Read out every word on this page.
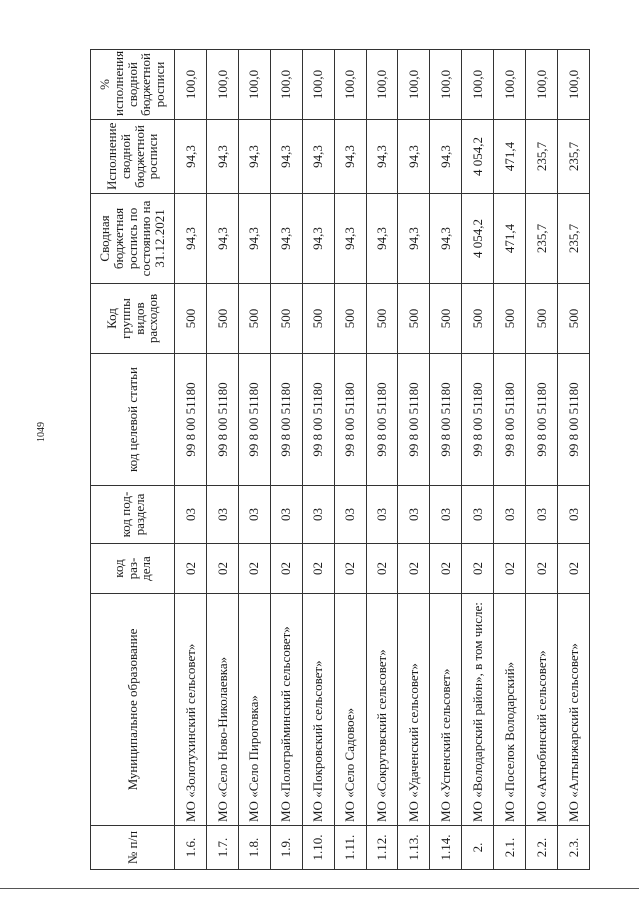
1049
№ п/п	Муниципальное образование	код раз-дела	код под-раздела	код целевой статьи	Код группы видов расходов	Сводная бюджетная роспись по состоянию на 31.12.2021	Исполнение сводной бюджетной росписи	% исполнения сводной бюджетной росписи
1.6.	МО «Золотухинский сельсовет»	02	03	99 8 00 51180	500	94,3	94,3	100,0
1.7.	МО «Село Ново-Николаевка»	02	03	99 8 00 51180	500	94,3	94,3	100,0
1.8.	МО «Село Пироговка»	02	03	99 8 00 51180	500	94,3	94,3	100,0
1.9.	МО «Полограйминский сельсовет»	02	03	99 8 00 51180	500	94,3	94,3	100,0
1.10.	МО «Покровский сельсовет»	02	03	99 8 00 51180	500	94,3	94,3	100,0
1.11.	МО «Село Садовое»	02	03	99 8 00 51180	500	94,3	94,3	100,0
1.12.	МО «Сокрутовский сельсовет»	02	03	99 8 00 51180	500	94,3	94,3	100,0
1.13.	МО «Удаченский сельсовет»	02	03	99 8 00 51180	500	94,3	94,3	100,0
1.14.	МО «Успенский сельсовет»	02	03	99 8 00 51180	500	94,3	94,3	100,0
2.	МО «Володарский район», в том числе:	02	03	99 8 00 51180	500	4 054,2	4 054,2	100,0
2.1.	МО «Поселок Володарский»	02	03	99 8 00 51180	500	471,4	471,4	100,0
2.2.	МО «Актюбинский сельсовет»	02	03	99 8 00 51180	500	235,7	235,7	100,0
2.3.	МО «Алтынжарский сельсовет»	02	03	99 8 00 51180	500	235,7	235,7	100,0
